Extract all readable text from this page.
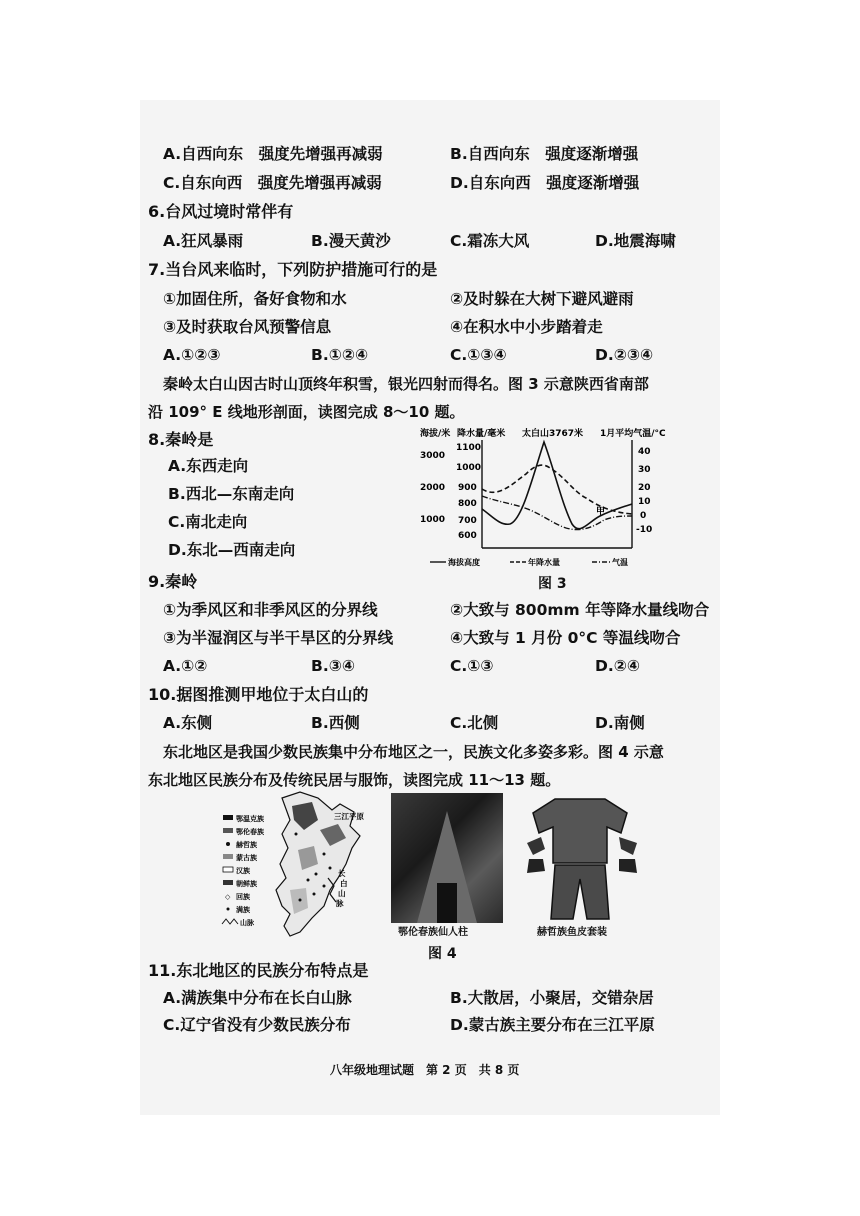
A.自西向东　强度先增强再减弱	B.自西向东　强度逐渐增强
C.自东向西　强度先增强再减弱	D.自东向西　强度逐渐增强
6.台风过境时常伴有
A.狂风暴雨	B.漫天黄沙	C.霜冻大风	D.地震海啸
7.当台风来临时，下列防护措施可行的是
①加固住所，备好食物和水	②及时躲在大树下避风避雨
③及时获取台风预警信息	④在积水中小步踏着走
A.①②③	B.①②④	C.①③④	D.②③④
秦岭太白山因古时山顶终年积雪，银光四射而得名。图 3 示意陕西省南部
沿 109° E 线地形剖面，读图完成 8～10 题。
8.秦岭是
A.东西走向
B.西北—东南走向
C.南北走向
D.东北—西南走向
海拔/米 降水量/毫米 太白山3767米 1月平均气温/°C
3000
2000
1000
1100
1000
900
800
700
600
40
30
20
10
0
-10
甲
海拔高度	年降水量	气温
图 3
9.秦岭
①为季风区和非季风区的分界线	②大致与 800mm 年等降水量线吻合
③为半湿润区与半干旱区的分界线	④大致与 1 月份 0°C 等温线吻合
A.①②	B.③④	C.①③	D.②④
10.据图推测甲地位于太白山的
A.东侧	B.西侧	C.北侧	D.南侧
东北地区是我国少数民族集中分布地区之一，民族文化多姿多彩。图 4 示意
东北地区民族分布及传统民居与服饰，读图完成 11～13 题。
鄂温克族
鄂伦春族
赫哲族
蒙古族
汉族
朝鲜族
◇ 回族
满族
山脉
三江平原
长
白
山
脉
鄂伦春族仙人柱	赫哲族鱼皮套装
图 4
11.东北地区的民族分布特点是
A.满族集中分布在长白山脉	B.大散居，小聚居，交错杂居
C.辽宁省没有少数民族分布	D.蒙古族主要分布在三江平原
八年级地理试题　第 2 页　共 8 页
